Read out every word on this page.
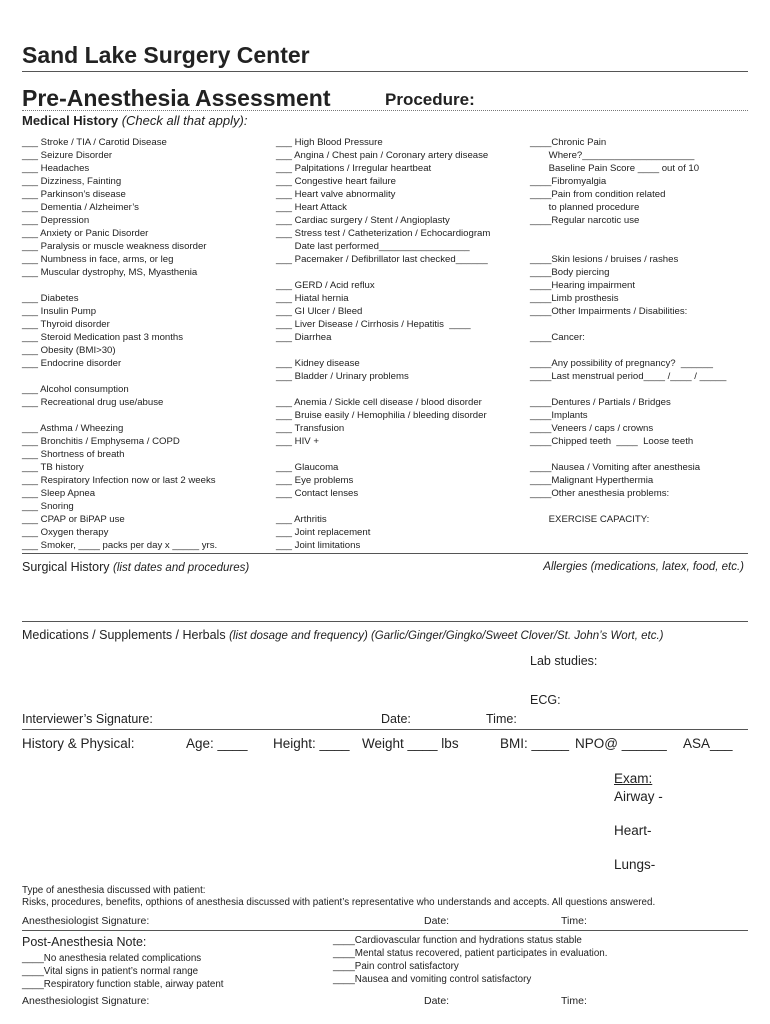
Sand Lake Surgery Center
Pre-Anesthesia Assessment	Procedure:
Medical History (Check all that apply):
___ Stroke / TIA / Carotid Disease
___ Seizure Disorder
___ Headaches
___ Dizziness, Fainting
___ Parkinson’s disease
___ Dementia / Alzheimer’s
___ Depression
___ Anxiety or Panic Disorder
___ Paralysis or muscle weakness disorder
___ Numbness in face, arms, or leg
___ Muscular dystrophy, MS, Myasthenia
___ Diabetes
___ Insulin Pump
___ Thyroid disorder
___ Steroid Medication past 3 months
___ Obesity (BMI>30)
___ Endocrine disorder
___ Alcohol consumption
___ Recreational drug use/abuse
___ Asthma / Wheezing
___ Bronchitis / Emphysema / COPD
___ Shortness of breath
___ TB history
___ Respiratory Infection now or last 2 weeks
___ Sleep Apnea
___ Snoring
___ CPAP or BiPAP use
___ Oxygen therapy
___ Smoker, ____ packs per day x _____ yrs.
___ High Blood Pressure
___ Angina / Chest pain / Coronary artery disease
___ Palpitations / Irregular heartbeat
___ Congestive heart failure
___ Heart valve abnormality
___ Heart Attack
___ Cardiac surgery / Stent / Angioplasty
___ Stress test / Catheterization / Echocardiogram
Date last performed_________________
___ Pacemaker / Defibrillator last checked______
___ GERD / Acid reflux
___ Hiatal hernia
___ GI Ulcer / Bleed
___ Liver Disease / Cirrhosis / Hepatitis  ____
___ Diarrhea
___ Kidney disease
___ Bladder / Urinary problems
___ Anemia / Sickle cell disease / blood disorder
___ Bruise easily / Hemophilia / bleeding disorder
___ Transfusion
___ HIV +
___ Glaucoma
___ Eye problems
___ Contact lenses
___ Arthritis
___ Joint replacement
___ Joint limitations
____Chronic Pain
Where?_____________________
Baseline Pain Score ____ out of 10
____Fibromyalgia
____Pain from condition related
to planned procedure
____Regular narcotic use
____Skin lesions / bruises / rashes
____Body piercing
____Hearing impairment
____Limb prosthesis
____Other Impairments / Disabilities:
____Cancer:
____Any possibility of pregnancy?  ______
____Last menstrual period____ /____ / _____
____Dentures / Partials / Bridges
____Implants
____Veneers / caps / crowns
____Chipped teeth  ____  Loose teeth
____Nausea / Vomiting after anesthesia
____Malignant Hyperthermia
____Other anesthesia problems:
EXERCISE CAPACITY:
Surgical History (list dates and procedures)	Allergies (medications, latex, food, etc.)
Medications / Supplements / Herbals (list dosage and frequency) (Garlic/Ginger/Gingko/Sweet Clover/St. John’s Wort, etc.)
Lab studies:
ECG:
Interviewer’s Signature:	Date:	Time:
History & Physical:	Age: ____ Height: ____ Weight ____ lbs	BMI: _____ NPO@ ______ ASA___
Exam:
Airway -
Heart-
Lungs-
Type of anesthesia discussed with patient:
Risks, procedures, benefits, opthions of anesthesia discussed with patient’s representative who understands and accepts. All questions answered.
Anesthesiologist Signature:	Date:	Time:
Post-Anesthesia Note:
____No anesthesia related complications
____Vital signs in patient’s normal range
____Respiratory function stable, airway patent
____Cardiovascular function and hydrations status stable
____Mental status recovered, patient participates in evaluation.
____Pain control satisfactory
____Nausea and vomiting control satisfactory
Anesthesiologist Signature:	Date:	Time:
